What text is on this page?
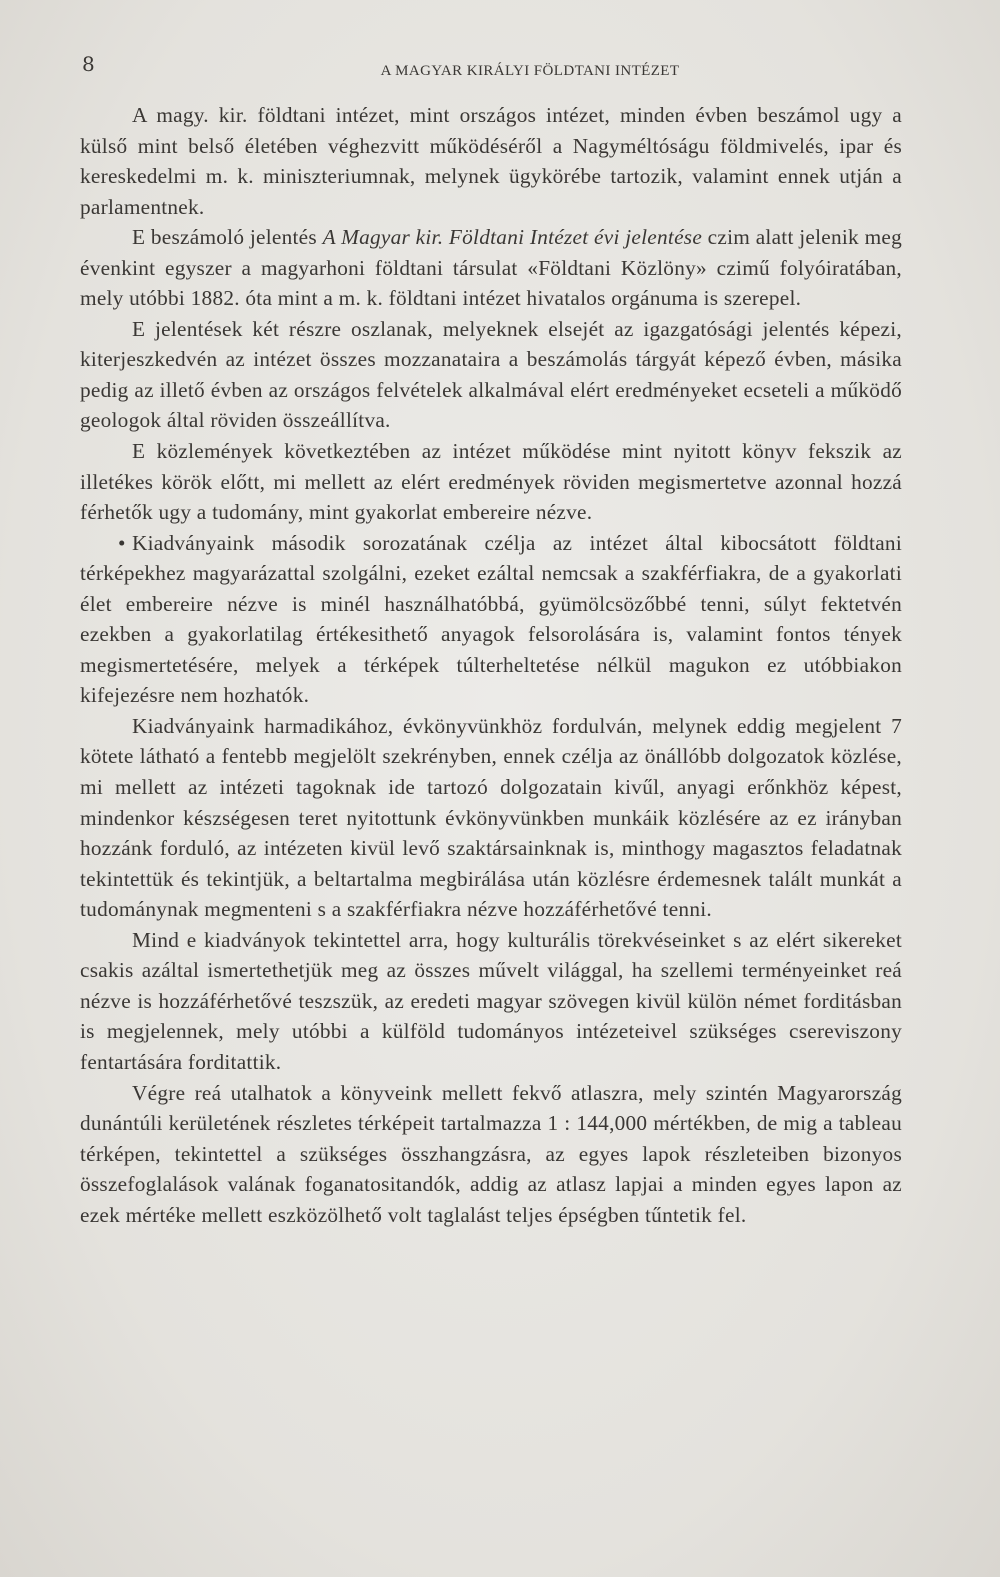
8	A MAGYAR KIRÁLYI FÖLDTANI INTÉZET

A magy. kir. földtani intézet, mint országos intézet, minden évben beszámol ugy a külső mint belső életében véghezvitt működéséről a Nagyméltóságu földmivelés, ipar és kereskedelmi m. k. miniszteriumnak, melynek ügykörébe tartozik, valamint ennek utján a parlamentnek.

E beszámoló jelentés A Magyar kir. Földtani Intézet évi jelentése czim alatt jelenik meg évenkint egyszer a magyarhoni földtani társulat «Földtani Közlöny» czimű folyóiratában, mely utóbbi 1882. óta mint a m. k. földtani intézet hivatalos orgánuma is szerepel.

E jelentések két részre oszlanak, melyeknek elsejét az igazgatósági jelentés képezi, kiterjeszkedvén az intézet összes mozzanataira a beszámolás tárgyát képező évben, másika pedig az illető évben az országos felvételek alkalmával elért eredményeket ecseteli a működő geologok által röviden összeállítva.

E közlemények következtében az intézet működése mint nyitott könyv fekszik az illetékes körök előtt, mi mellett az elért eredmények röviden megismertetve azonnal hozzá férhetők ugy a tudomány, mint gyakorlat embereire nézve.

• Kiadványaink második sorozatának czélja az intézet által kibocsátott földtani térképekhez magyarázattal szolgálni, ezeket ezáltal nemcsak a szakférfiakra, de a gyakorlati élet embereire nézve is minél használhatóbbá, gyümölcsözőbbé tenni, súlyt fektetvén ezekben a gyakorlatilag értékesithető anyagok felsorolására is, valamint fontos tények megismertetésére, melyek a térképek túlterheltetése nélkül magukon ez utóbbiakon kifejezésre nem hozhatók.

Kiadványaink harmadikához, évkönyvünkhöz fordulván, melynek eddig megjelent 7 kötete látható a fentebb megjelölt szekrényben, ennek czélja az önállóbb dolgozatok közlése, mi mellett az intézeti tagoknak ide tartozó dolgozatain kivűl, anyagi erőnkhöz képest, mindenkor készségesen teret nyitottunk évkönyvünkben munkáik közlésére az ez irányban hozzánk forduló, az intézeten kivül levő szaktársainknak is, minthogy magasztos feladatnak tekintettük és tekintjük, a beltartalma megbirálása után közlésre érdemesnek talált munkát a tudománynak megmenteni s a szakférfiakra nézve hozzáférhetővé tenni.

Mind e kiadványok tekintettel arra, hogy kulturális törekvéseinket s az elért sikereket csakis azáltal ismertethetjük meg az összes művelt világgal, ha szellemi terményeinket reá nézve is hozzáférhetővé teszszük, az eredeti magyar szövegen kivül külön német forditásban is megjelennek, mely utóbbi a külföld tudományos intézeteivel szükséges csereviszony fentartására forditattik.

Végre reá utalhatok a könyveink mellett fekvő atlaszra, mely szintén Magyarország dunántúli kerületének részletes térképeit tartalmazza 1 : 144,000 mértékben, de mig a tableau térképen, tekintettel a szükséges összhangzásra, az egyes lapok részleteiben bizonyos összefoglalások valának foganatositandók, addig az atlasz lapjai a minden egyes lapon az ezek mértéke mellett eszközölhető volt taglalást teljes épségben tűntetik fel.
